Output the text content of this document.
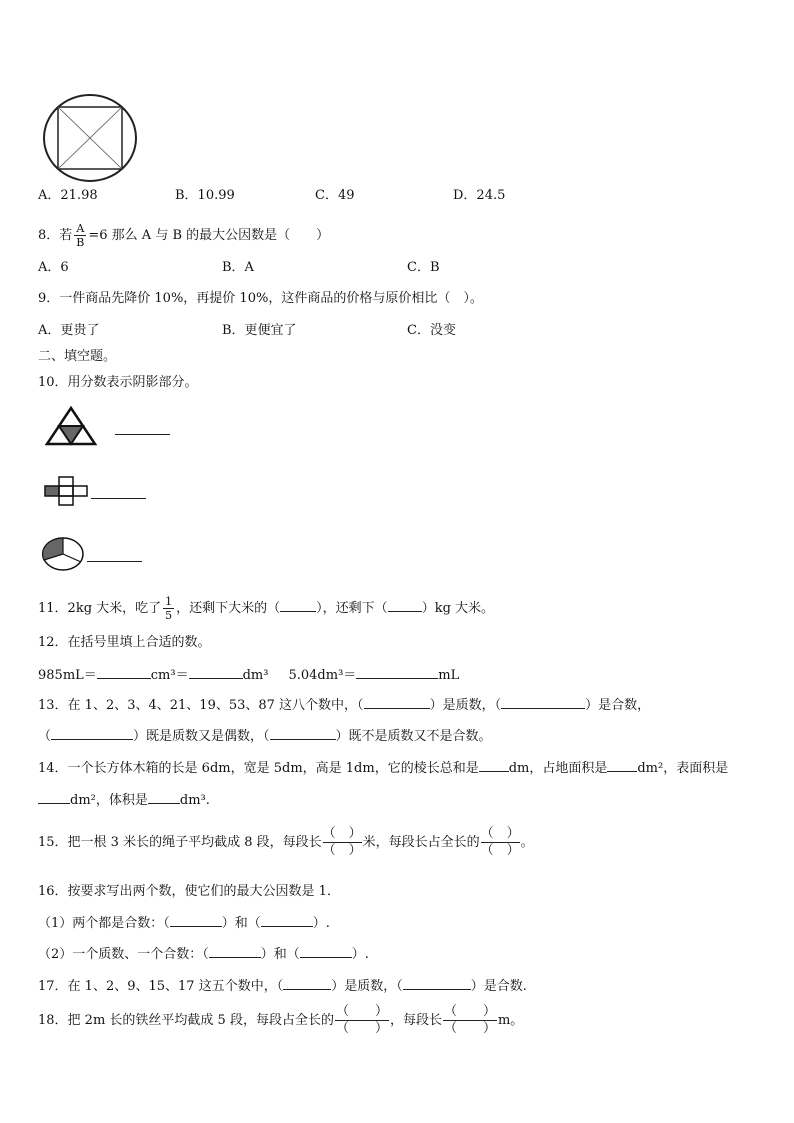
A．21.98	B．10.99	C．49	D．24.5
8．若 $\frac{A}{B} =6$ 那么 A 与 B 的最大公因数是（　　）
A．6	B．A	C．B
9．一件商品先降价 10%，再提价 10%，这件商品的价格与原价相比（　）。
A．更贵了	B．更便宜了	C．没变
二、填空题。
10．用分数表示阴影部分。
11．2kg 大米，吃了 $\frac{1}{5}$ ，还剩下大米的（	），还剩下（	）kg 大米。
12．在括号里填上合适的数。
985mL＝	cm³＝	dm³ 5.04dm³＝	mL
13．在 1、2、3、4、21、19、53、87 这八个数中，（	）是质数，（	）是合数，
（	）既是质数又是偶数，（	）既不是质数又不是合数。
14．一个长方体木箱的长是 6dm，宽是 5dm，高是 1dm，它的棱长总和是 dm，占地面积是 dm²，表面积是
dm²，体积是 dm³.
15．把一根 3 米长的绳子平均截成 8 段，每段长
（　）
（　）
米，每段长占全长的
（　）
（　）
。
16．按要求写出两个数，使它们的最大公因数是 1．
（1）两个都是合数：（	）和（	）.
（2）一个质数、一个合数：（	）和（	）.
17．在 1、2、9、15、17 这五个数中，（	）是质数，（	）是合数.
18．把 2m 长的铁丝平均截成 5 段，每段占全长的
（　　）
（　　）
，每段长
（　　）
（　　）
m。
